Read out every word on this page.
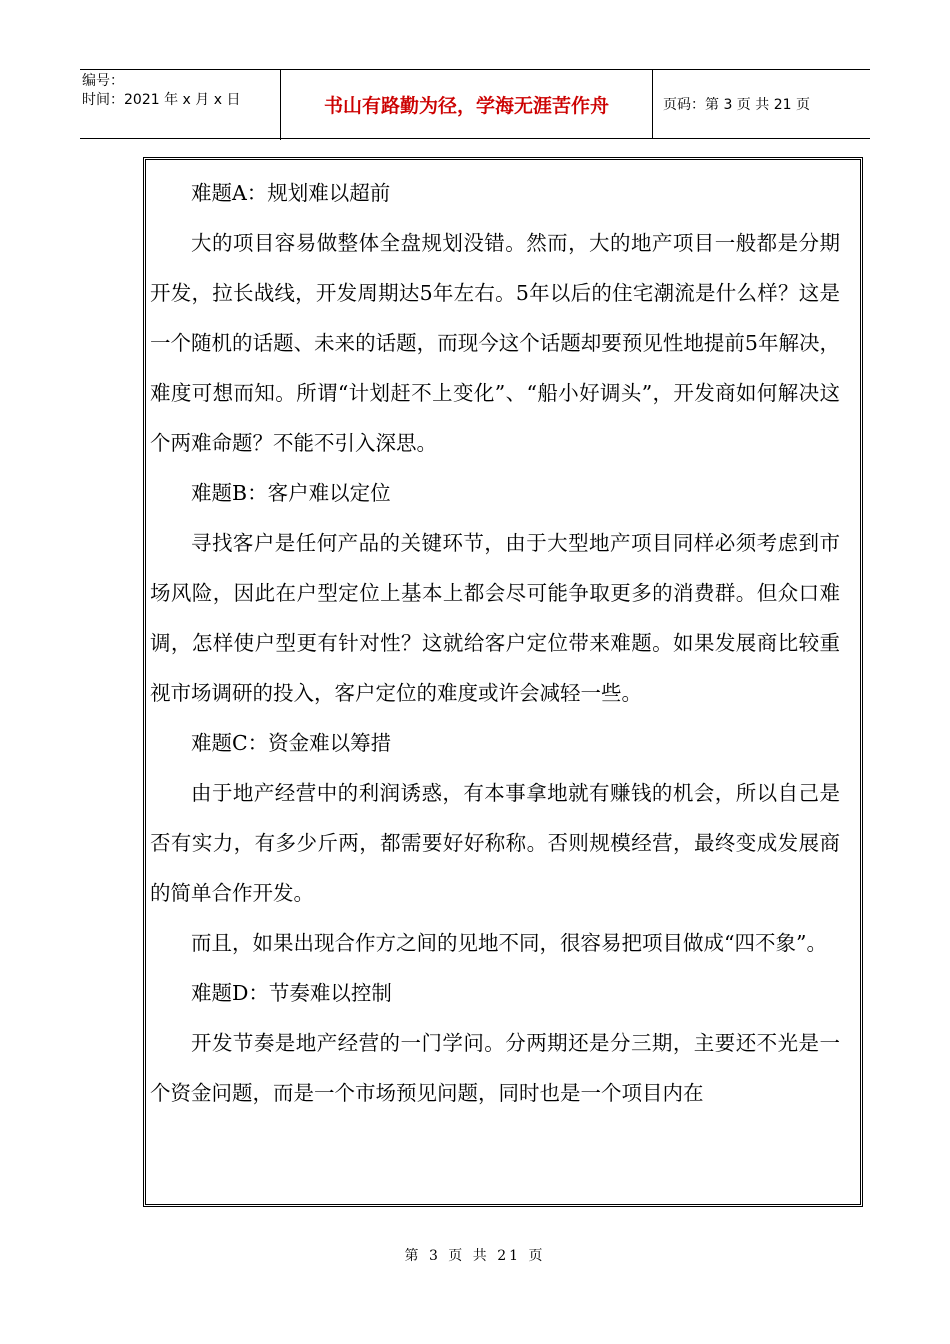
编号：
时间：2021 年 x 月 x 日	书山有路勤为径，学海无涯苦作舟	页码：第 3 页 共 21 页

难题A：规划难以超前

大的项目容易做整体全盘规划没错。然而，大的地产项目一般都是分期开发，拉长战线，开发周期达5年左右。5年以后的住宅潮流是什么样？这是一个随机的话题、未来的话题，而现今这个话题却要预见性地提前5年解决，难度可想而知。所谓“计划赶不上变化”、“船小好调头”，开发商如何解决这个两难命题？不能不引入深思。

难题B：客户难以定位

寻找客户是任何产品的关键环节，由于大型地产项目同样必须考虑到市场风险，因此在户型定位上基本上都会尽可能争取更多的消费群。但众口难调，怎样使户型更有针对性？这就给客户定位带来难题。如果发展商比较重视市场调研的投入，客户定位的难度或许会减轻一些。

难题C：资金难以筹措

由于地产经营中的利润诱惑，有本事拿地就有赚钱的机会，所以自己是否有实力，有多少斤两，都需要好好称称。否则规模经营，最终变成发展商的简单合作开发。

而且，如果出现合作方之间的见地不同，很容易把项目做成“四不象”。

难题D：节奏难以控制

开发节奏是地产经营的一门学问。分两期还是分三期，主要还不光是一个资金问题，而是一个市场预见问题，同时也是一个项目内在

第 3 页 共 21 页
